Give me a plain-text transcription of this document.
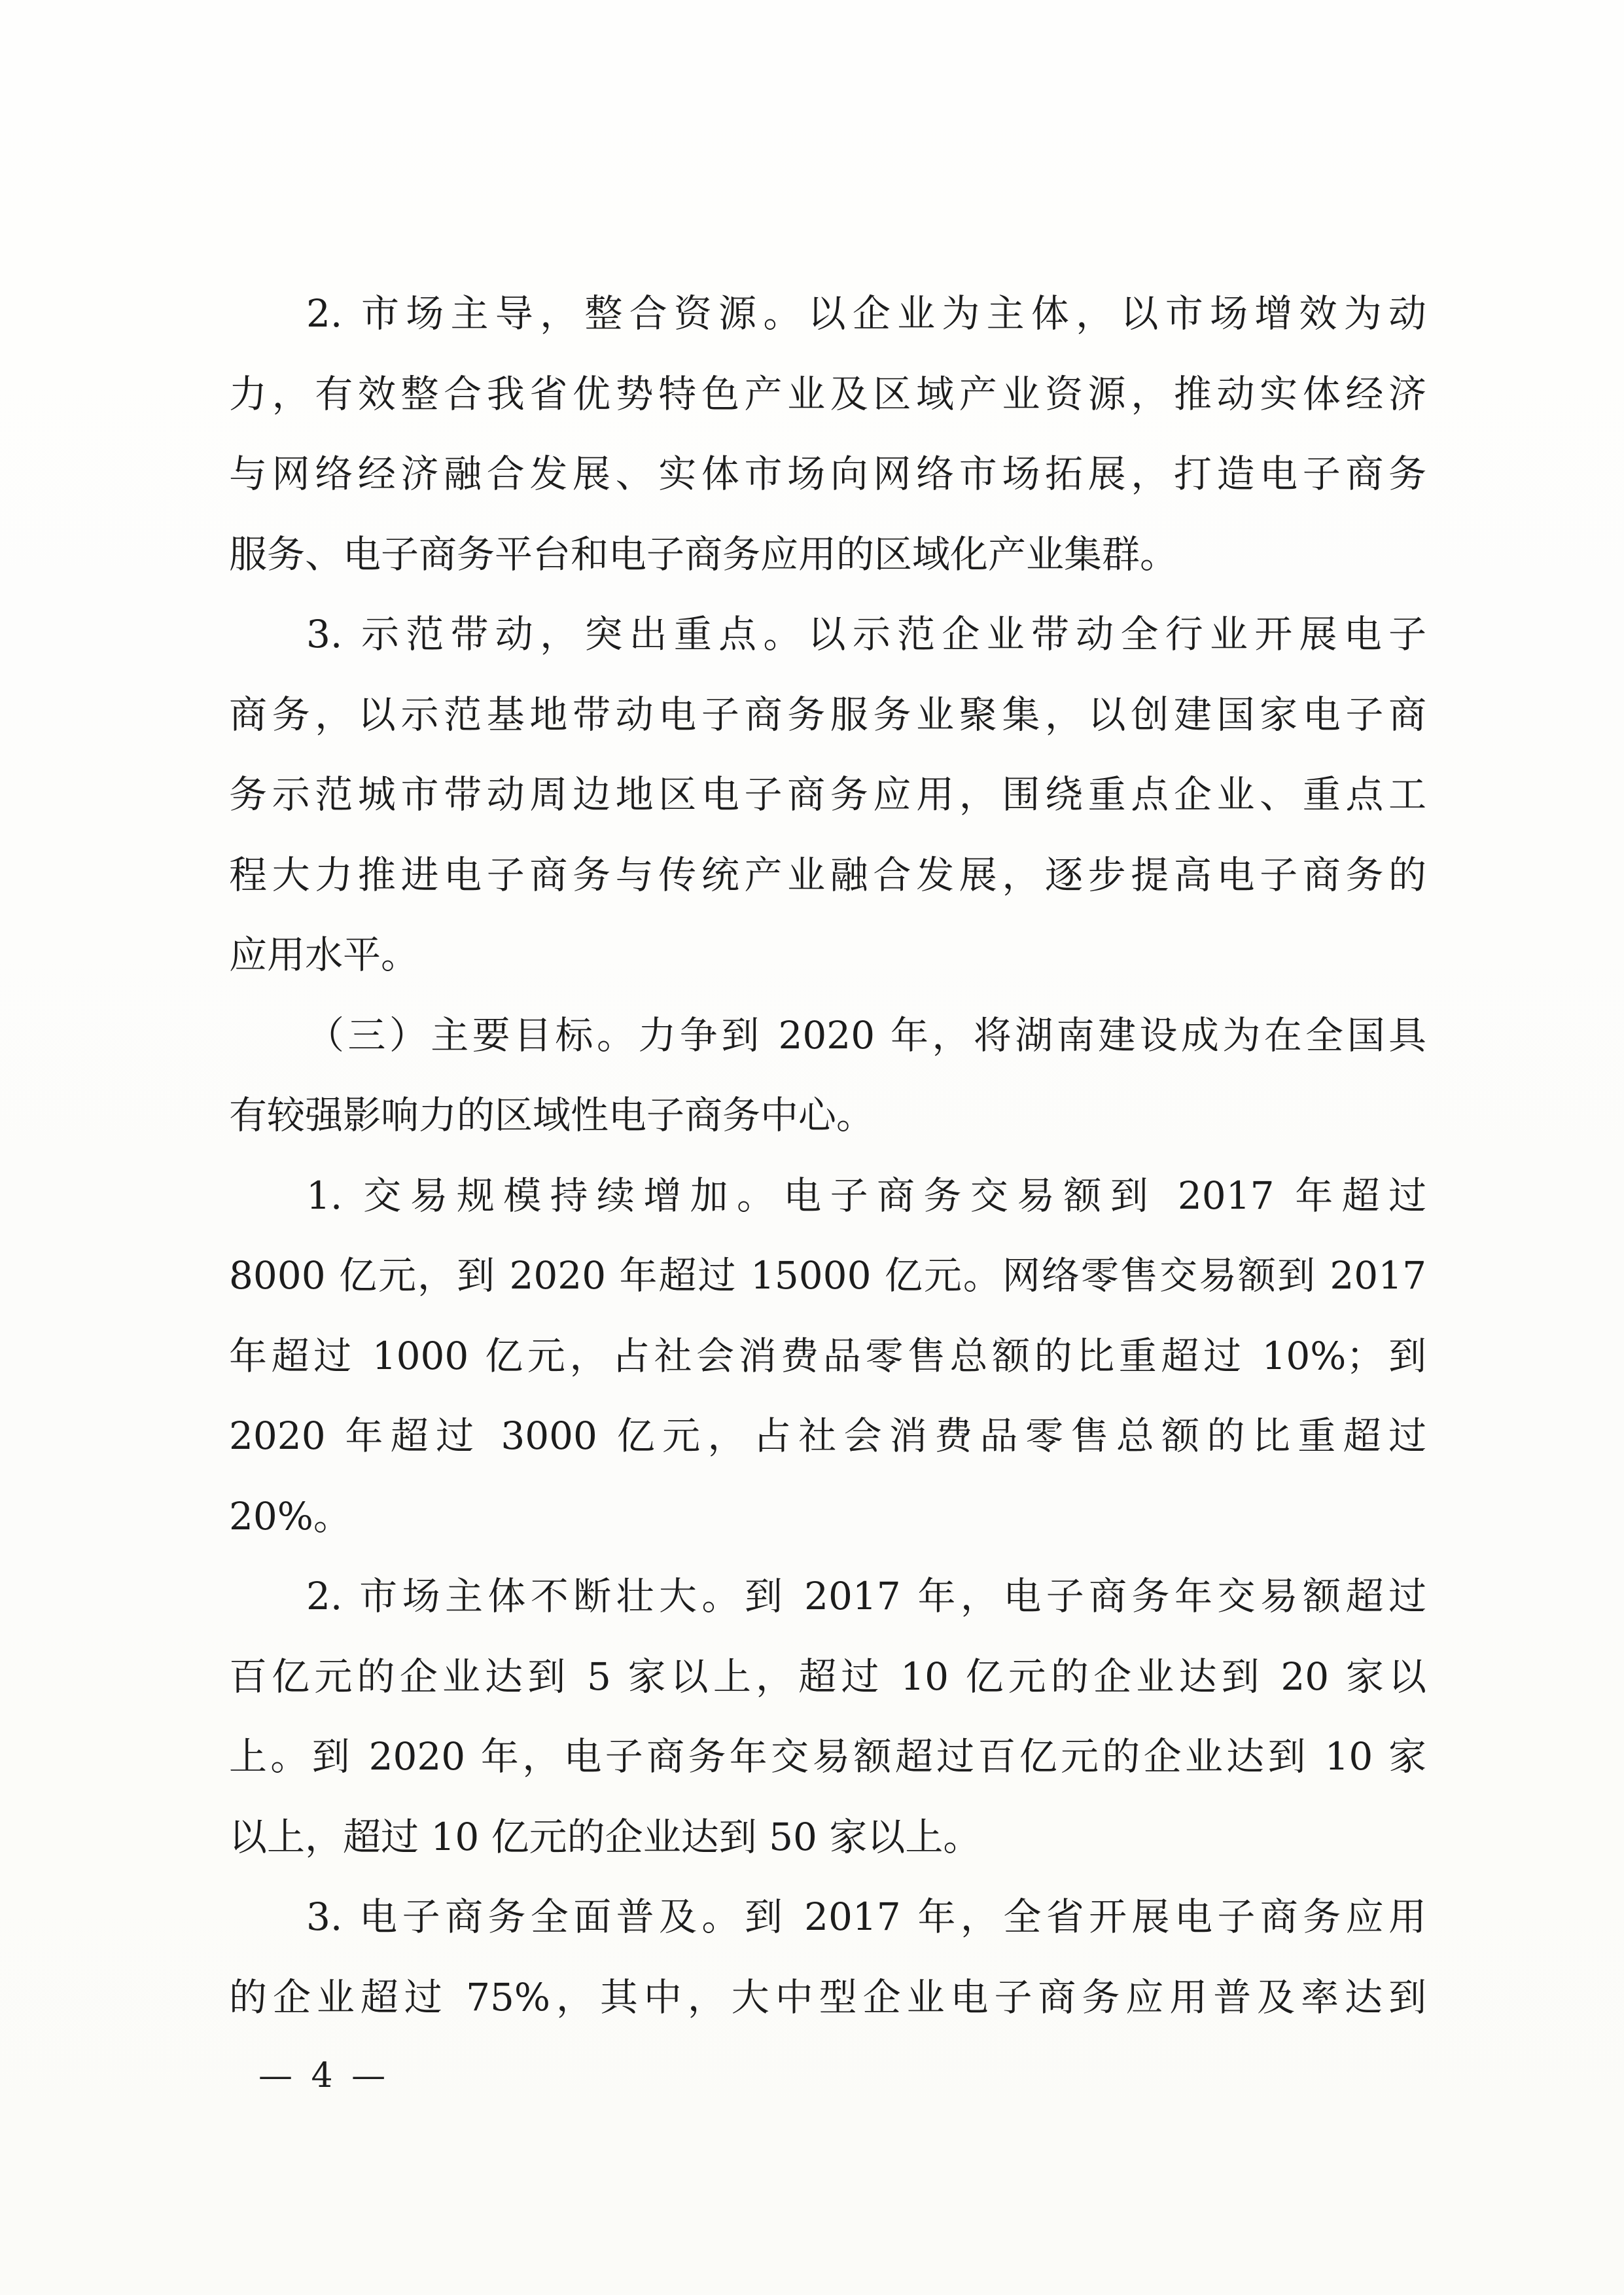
2. 市场主导，整合资源。以企业为主体，以市场增效为动
力，有效整合我省优势特色产业及区域产业资源，推动实体经济
与网络经济融合发展、实体市场向网络市场拓展，打造电子商务
服务、电子商务平台和电子商务应用的区域化产业集群。
3. 示范带动，突出重点。以示范企业带动全行业开展电子
商务，以示范基地带动电子商务服务业聚集，以创建国家电子商
务示范城市带动周边地区电子商务应用，围绕重点企业、重点工
程大力推进电子商务与传统产业融合发展，逐步提高电子商务的
应用水平。
（三）主要目标。力争到 2020 年，将湖南建设成为在全国具
有较强影响力的区域性电子商务中心。
1. 交易规模持续增加。电子商务交易额到 2017 年超过
8000 亿元，到 2020 年超过 15000 亿元。网络零售交易额到 2017
年超过 1000 亿元，占社会消费品零售总额的比重超过 10%；到
2020 年超过 3000 亿元，占社会消费品零售总额的比重超过
20%。
2. 市场主体不断壮大。到 2017 年，电子商务年交易额超过
百亿元的企业达到 5 家以上，超过 10 亿元的企业达到 20 家以
上。到 2020 年，电子商务年交易额超过百亿元的企业达到 10 家
以上，超过 10 亿元的企业达到 50 家以上。
3. 电子商务全面普及。到 2017 年，全省开展电子商务应用
的企业超过 75%，其中，大中型企业电子商务应用普及率达到
— 4 —
